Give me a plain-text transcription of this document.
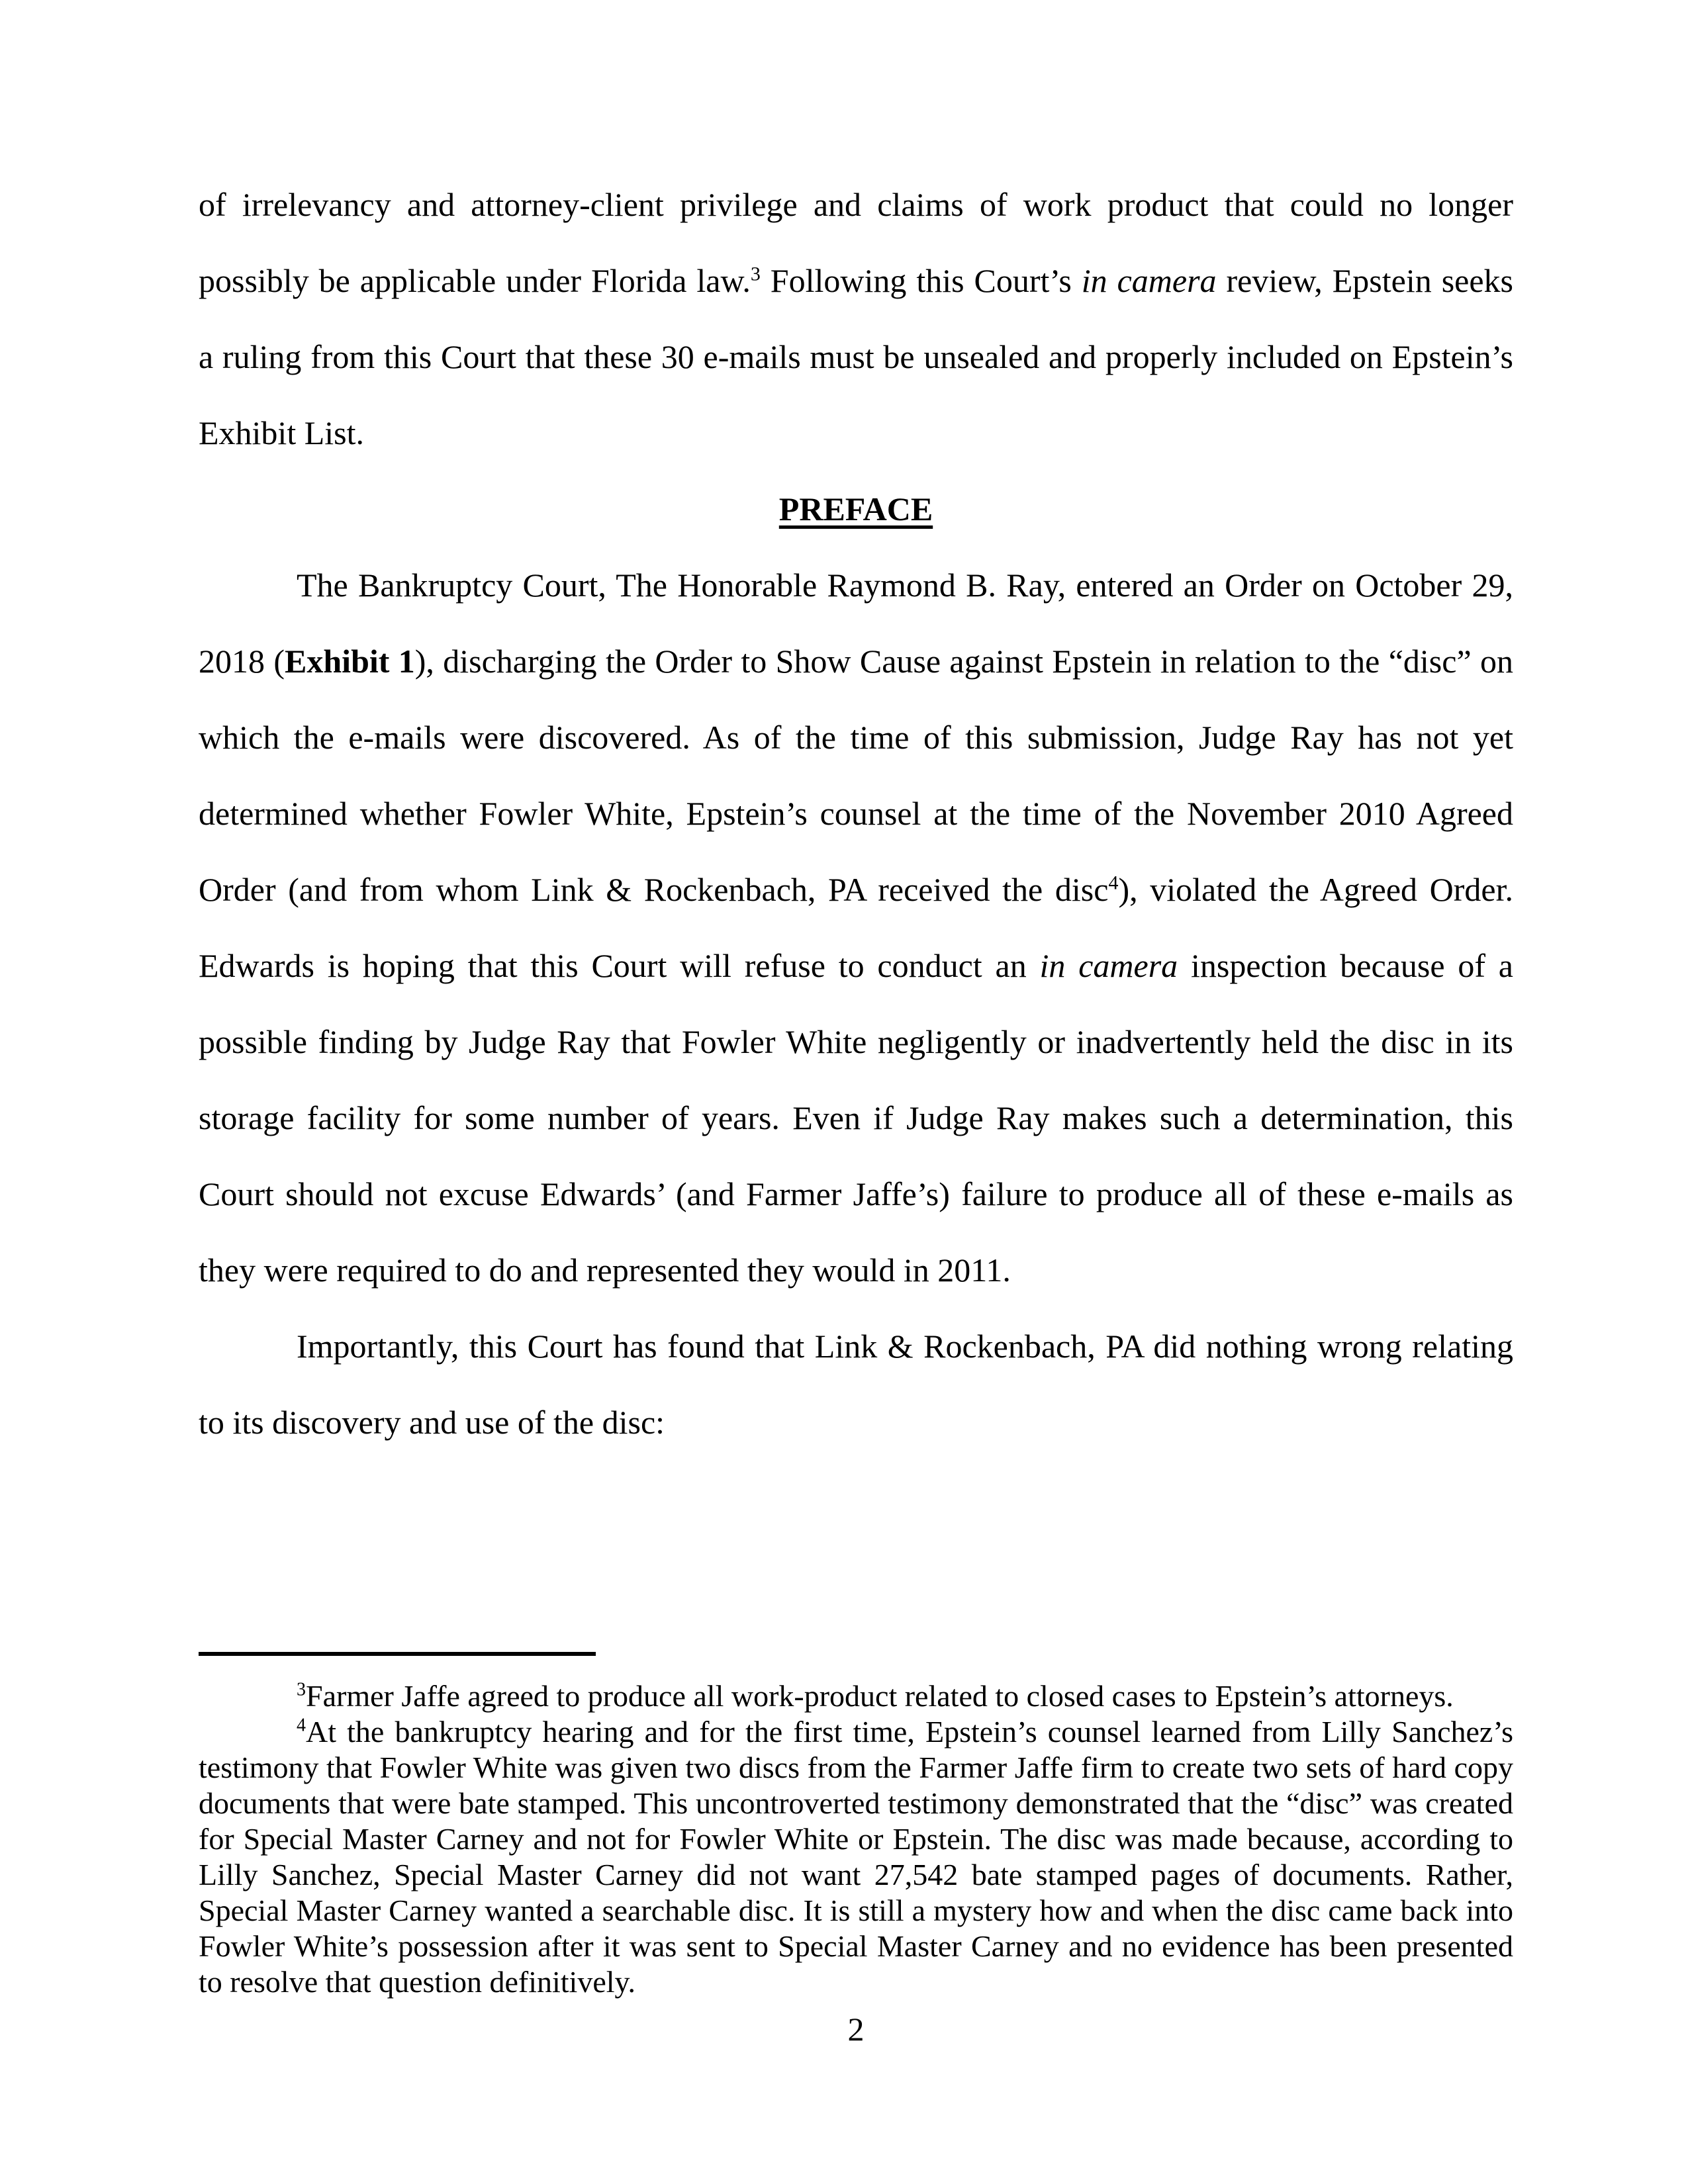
of irrelevancy and attorney-client privilege and claims of work product that could no longer possibly be applicable under Florida law.$^3$ Following this Court’s in camera review, Epstein seeks a ruling from this Court that these 30 e-mails must be unsealed and properly included on Epstein’s Exhibit List.

PREFACE

The Bankruptcy Court, The Honorable Raymond B. Ray, entered an Order on October 29, 2018 (Exhibit 1), discharging the Order to Show Cause against Epstein in relation to the “disc” on which the e-mails were discovered. As of the time of this submission, Judge Ray has not yet determined whether Fowler White, Epstein’s counsel at the time of the November 2010 Agreed Order (and from whom Link & Rockenbach, PA received the disc$^4$), violated the Agreed Order. Edwards is hoping that this Court will refuse to conduct an in camera inspection because of a possible finding by Judge Ray that Fowler White negligently or inadvertently held the disc in its storage facility for some number of years. Even if Judge Ray makes such a determination, this Court should not excuse Edwards’ (and Farmer Jaffe’s) failure to produce all of these e-mails as they were required to do and represented they would in 2011.

Importantly, this Court has found that Link & Rockenbach, PA did nothing wrong relating to its discovery and use of the disc:

$^3$Farmer Jaffe agreed to produce all work-product related to closed cases to Epstein’s attorneys.

$^4$At the bankruptcy hearing and for the first time, Epstein’s counsel learned from Lilly Sanchez’s testimony that Fowler White was given two discs from the Farmer Jaffe firm to create two sets of hard copy documents that were bate stamped. This uncontroverted testimony demonstrated that the “disc” was created for Special Master Carney and not for Fowler White or Epstein. The disc was made because, according to Lilly Sanchez, Special Master Carney did not want 27,542 bate stamped pages of documents. Rather, Special Master Carney wanted a searchable disc. It is still a mystery how and when the disc came back into Fowler White’s possession after it was sent to Special Master Carney and no evidence has been presented to resolve that question definitively.

2
